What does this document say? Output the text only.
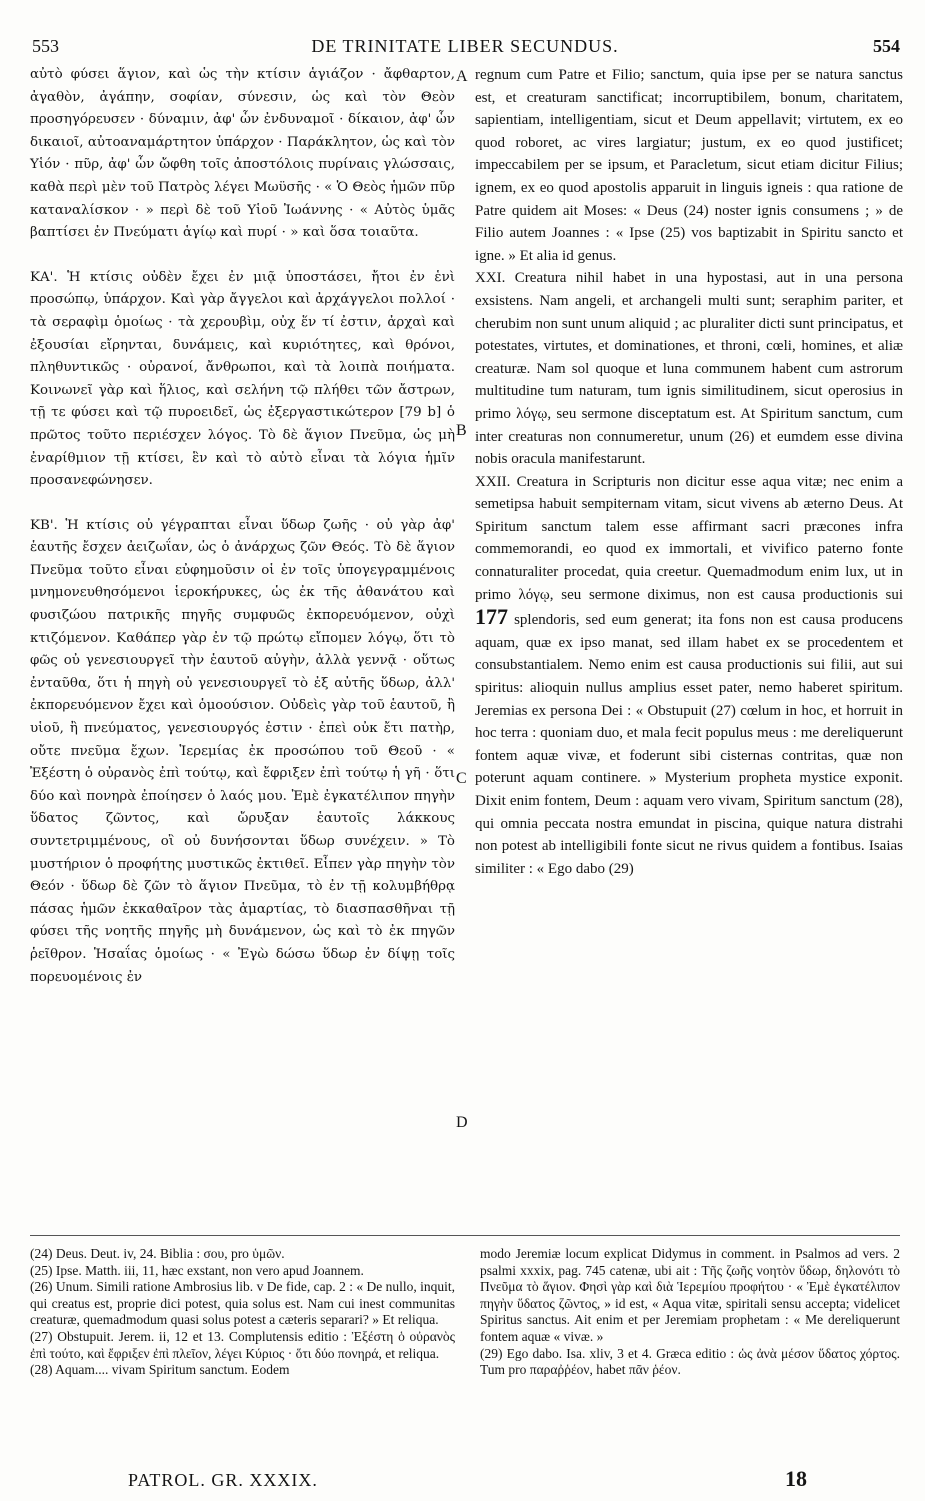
553	DE TRINITATE LIBER SECUNDUS.	554

αὐτὸ φύσει ἅγιον, καὶ ὡς τὴν κτίσιν ἁγιάζον · ἄφθαρτον, ἀγαθὸν, ἀγάπην, σοφίαν, σύνεσιν, ὡς καὶ τὸν Θεὸν προσηγόρευσεν · δύναμιν, ἀφ' ὧν ἐνδυναμοῖ · δίκαιον, ἀφ' ὧν δικαιοῖ, αὐτοαναμάρτητον ὑπάρχον · Παράκλητον, ὡς καὶ τὸν Υἱόν · πῦρ, ἀφ' ὧν ὤφθη τοῖς ἀποστόλοις πυρίναις γλώσσαις, καθὰ περὶ μὲν τοῦ Πατρὸς λέγει Μωϋσῆς · « Ὁ Θεὸς ἡμῶν πῦρ καταναλίσκον · » περὶ δὲ τοῦ Υἱοῦ Ἰωάννης · « Αὐτὸς ὑμᾶς βαπτίσει ἐν Πνεύματι ἁγίῳ καὶ πυρί · » καὶ ὅσα τοιαῦτα.

ΚΑ'. Ἡ κτίσις οὐδὲν ἔχει ἐν μιᾷ ὑποστάσει, ἤτοι ἐν ἑνὶ προσώπῳ, ὑπάρχον. Καὶ γὰρ ἄγγελοι καὶ ἀρχάγγελοι πολλοί · τὰ σεραφὶμ ὁμοίως · τὰ χερουβὶμ, οὐχ ἕν τί ἐστιν, ἀρχαὶ καὶ ἐξουσίαι εἴρηνται, δυνάμεις, καὶ κυριότητες, καὶ θρόνοι, πληθυντικῶς · οὐρανοί, ἄνθρωποι, καὶ τὰ λοιπὰ ποιήματα. Κοινωνεῖ γὰρ καὶ ἥλιος, καὶ σελήνη τῷ πλήθει τῶν ἄστρων, τῇ τε φύσει καὶ τῷ πυροειδεῖ, ὡς ἐξεργαστικώτερον [79 b] ὁ πρῶτος τοῦτο περιέσχεν λόγος. Τὸ δὲ ἅγιον Πνεῦμα, ὡς μὴ ἐναρίθμιον τῇ κτίσει, ἓν καὶ τὸ αὐτὸ εἶναι τὰ λόγια ἡμῖν προσανεφώνησεν.

ΚΒ'. Ἡ κτίσις οὐ γέγραπται εἶναι ὕδωρ ζωῆς · οὐ γὰρ ἀφ' ἑαυτῆς ἔσχεν ἀειζωΐαν, ὡς ὁ ἀνάρχως ζῶν Θεός. Τὸ δὲ ἅγιον Πνεῦμα τοῦτο εἶναι εὐφημοῦσιν οἱ ἐν τοῖς ὑπογεγραμμένοις μνημονευθησόμενοι ἱεροκήρυκες, ὡς ἐκ τῆς ἀθανάτου καὶ φυσιζώου πατρικῆς πηγῆς συμφυῶς ἐκπορευόμενον, οὐχὶ κτιζόμενον. Καθάπερ γὰρ ἐν τῷ πρώτῳ εἴπομεν λόγῳ, ὅτι τὸ φῶς οὐ γενεσιουργεῖ τὴν ἑαυτοῦ αὐγὴν, ἀλλὰ γεννᾷ · οὕτως ἐνταῦθα, ὅτι ἡ πηγὴ οὐ γενεσιουργεῖ τὸ ἐξ αὐτῆς ὕδωρ, ἀλλ' ἐκπορευόμενον ἔχει καὶ ὁμοούσιον. Οὐδεὶς γὰρ τοῦ ἑαυτοῦ, ἢ υἱοῦ, ἢ πνεύματος, γενεσιουργός ἐστιν · ἐπεὶ οὐκ ἔτι πατὴρ, οὔτε πνεῦμα ἔχων. Ἱερεμίας ἐκ προσώπου τοῦ Θεοῦ · « Ἐξέστη ὁ οὐρανὸς ἐπὶ τούτῳ, καὶ ἔφριξεν ἐπὶ τούτῳ ἡ γῆ · ὅτι δύο καὶ πονηρὰ ἐποίησεν ὁ λαός μου. Ἐμὲ ἐγκατέλιπον πηγὴν ὕδατος ζῶντος, καὶ ὤρυξαν ἑαυτοῖς λάκκους συντετριμμένους, οἳ οὐ δυνήσονται ὕδωρ συνέχειν. » Τὸ μυστήριον ὁ προφήτης μυστικῶς ἐκτιθεῖ. Εἶπεν γὰρ πηγὴν τὸν Θεόν · ὕδωρ δὲ ζῶν τὸ ἅγιον Πνεῦμα, τὸ ἐν τῇ κολυμβήθρᾳ πάσας ἡμῶν ἐκκαθαῖρον τὰς ἁμαρτίας, τὸ διασπασθῆναι τῇ φύσει τῆς νοητῆς πηγῆς μὴ δυνάμενον, ὡς καὶ τὸ ἐκ πηγῶν ῥεῖθρον. Ἡσαΐας ὁμοίως · « Ἐγὼ δώσω ὕδωρ ἐν δίψῃ τοῖς πορευομένοις ἐν

A
B
C
D

regnum cum Patre et Filio; sanctum, quia ipse per se natura sanctus est, et creaturam sanctificat; incorruptibilem, bonum, charitatem, sapientiam, intelligentiam, sicut et Deum appellavit; virtutem, ex eo quod roboret, ac vires largiatur; justum, ex eo quod justificet; impeccabilem per se ipsum, et Paracletum, sicut etiam dicitur Filius; ignem, ex eo quod apostolis apparuit in linguis igneis : qua ratione de Patre quidem ait Moses: « Deus (24) noster ignis consumens ; » de Filio autem Joannes : « Ipse (25) vos baptizabit in Spiritu sancto et igne. » Et alia id genus.

XXI. Creatura nihil habet in una hypostasi, aut in una persona exsistens. Nam angeli, et archangeli multi sunt; seraphim pariter, et cherubim non sunt unum aliquid ; ac pluraliter dicti sunt principatus, et potestates, virtutes, et dominationes, et throni, cœli, homines, et aliæ creaturæ. Nam sol quoque et luna communem habent cum astrorum multitudine tum naturam, tum ignis similitudinem, sicut operosius in primo λόγῳ, seu sermone disceptatum est. At Spiritum sanctum, cum inter creaturas non connumeretur, unum (26) et eumdem esse divina nobis oracula manifestarunt.

XXII. Creatura in Scripturis non dicitur esse aqua vitæ; nec enim a semetipsa habuit sempiternam vitam, sicut vivens ab æterno Deus. At Spiritum sanctum talem esse affirmant sacri præcones infra commemorandi, eo quod ex immortali, et vivifico paterno fonte connaturaliter procedat, quia creetur. Quemadmodum enim lux, ut in primo λόγῳ, seu sermone diximus, non est causa productionis sui 177 splendoris, sed eum generat; ita fons non est causa producens aquam, quæ ex ipso manat, sed illam habet ex se procedentem et consubstantialem. Nemo enim est causa productionis sui filii, aut sui spiritus: alioquin nullus amplius esset pater, nemo haberet spiritum. Jeremias ex persona Dei : « Obstupuit (27) cœlum in hoc, et horruit in hoc terra : quoniam duo, et mala fecit populus meus : me dereliquerunt fontem aquæ vivæ, et foderunt sibi cisternas contritas, quæ non poterunt aquam continere. » Mysterium propheta mystice exponit. Dixit enim fontem, Deum : aquam vero vivam, Spiritum sanctum (28), qui omnia peccata nostra emundat in piscina, quique natura distrahi non potest ab intelligibili fonte sicut ne rivus quidem a fontibus. Isaias similiter : « Ego dabo (29)

(24) Deus. Deut. iv, 24. Biblia : σου, pro ὑμῶν.

(25) Ipse. Matth. iii, 11, hæc exstant, non vero apud Joannem.

(26) Unum. Simili ratione Ambrosius lib. v De fide, cap. 2 : « De nullo, inquit, qui creatus est, proprie dici potest, quia solus est. Nam cui inest communitas creaturæ, quemadmodum quasi solus potest a cæteris separari? » Et reliqua.

(27) Obstupuit. Jerem. ii, 12 et 13. Complutensis editio : Ἐξέστη ὁ οὐρανὸς ἐπὶ τούτο, καὶ ἔφριξεν ἐπὶ πλεῖον, λέγει Κύριος · ὅτι δύο πονηρά, et reliqua.

(28) Aquam.... vivam Spiritum sanctum. Eodem

modo Jeremiæ locum explicat Didymus in comment. in Psalmos ad vers. 2 psalmi xxxix, pag. 745 catenæ, ubi ait : Τῆς ζωῆς νοητὸν ὕδωρ, δηλονότι τὸ Πνεῦμα τὸ ἅγιον. Φησὶ γὰρ καὶ διὰ Ἱερεμίου προφήτου · « Ἐμὲ ἐγκατέλιπον πηγὴν ὕδατος ζῶντος, » id est, « Aqua vitæ, spiritali sensu accepta; videlicet Spiritus sanctus. Ait enim et per Jeremiam prophetam : « Me dereliquerunt fontem aquæ « vivæ. »

(29) Ego dabo. Isa. xliv, 3 et 4. Græca editio : ὡς ἀνὰ μέσον ὕδατος χόρτος. Tum pro παραῤῥέον, habet πᾶν ῥέον.

PATROL. GR. XXXIX.	18
